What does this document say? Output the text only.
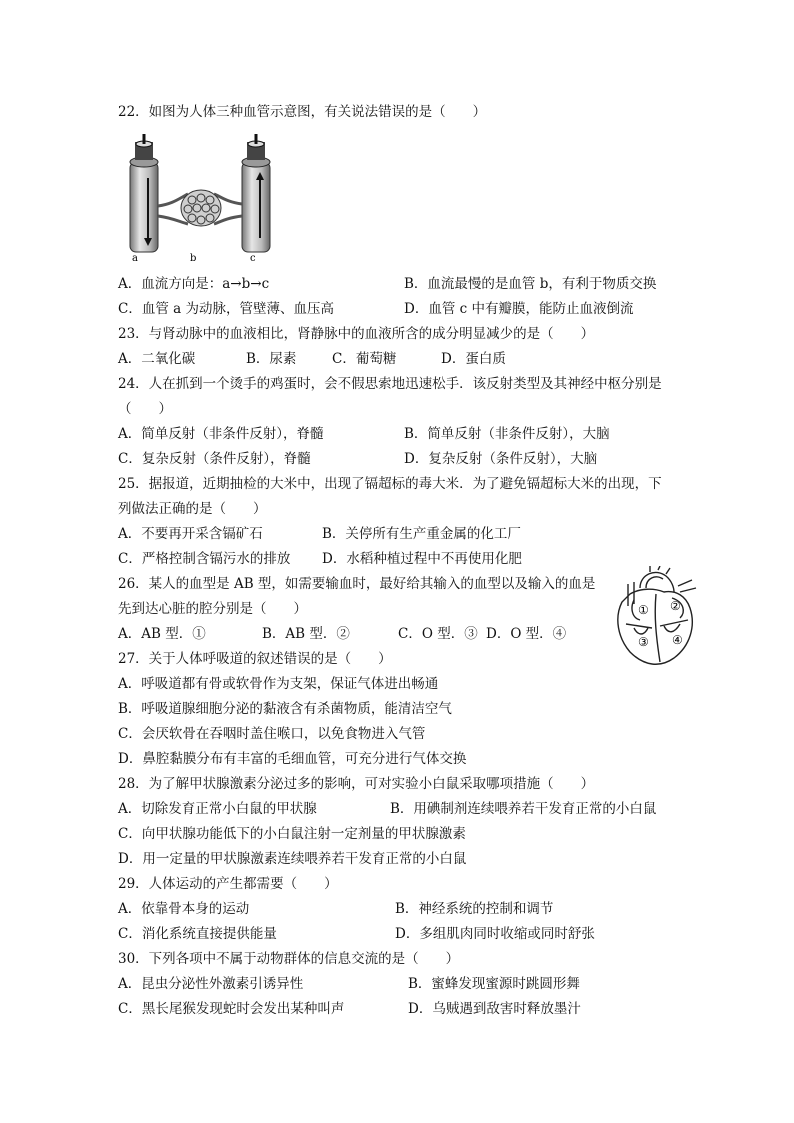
22．如图为人体三种血管示意图，有关说法错误的是（　　）
a	b	c
A．血流方向是：a→b→c	B．血流最慢的是血管 b，有利于物质交换
C．血管 a 为动脉，管壁薄、血压高	D．血管 c 中有瓣膜，能防止血液倒流
23．与肾动脉中的血液相比，肾静脉中的血液所含的成分明显减少的是（　　）
A．二氧化碳	B．尿素	C．葡萄糖	D．蛋白质
24．人在抓到一个烫手的鸡蛋时，会不假思索地迅速松手．该反射类型及其神经中枢分别是
（　　）
A．简单反射（非条件反射），脊髓	B．简单反射（非条件反射），大脑
C．复杂反射（条件反射），脊髓	D．复杂反射（条件反射），大脑
25．据报道，近期抽检的大米中，出现了镉超标的毒大米．为了避免镉超标大米的出现，下
列做法正确的是（　　）
A．不要再开采含镉矿石	B．关停所有生产重金属的化工厂
C．严格控制含镉污水的排放 D．水稻种植过程中不再使用化肥
26．某人的血型是 AB 型，如需要输血时，最好给其输入的血型以及输入的血是
先到达心脏的腔分别是（　　）
A．AB 型．①	B．AB 型．②	C．O 型．③ D．O 型．④
① ②
③ ④
27．关于人体呼吸道的叙述错误的是（　　）
A．呼吸道都有骨或软骨作为支架，保证气体进出畅通
B．呼吸道腺细胞分泌的黏液含有杀菌物质，能清洁空气
C．会厌软骨在吞咽时盖住喉口，以免食物进入气管
D．鼻腔黏膜分布有丰富的毛细血管，可充分进行气体交换
28．为了解甲状腺激素分泌过多的影响，可对实验小白鼠采取哪项措施（　　）
A．切除发育正常小白鼠的甲状腺	B．用碘制剂连续喂养若干发育正常的小白鼠
C．向甲状腺功能低下的小白鼠注射一定剂量的甲状腺激素
D．用一定量的甲状腺激素连续喂养若干发育正常的小白鼠
29．人体运动的产生都需要（　　）
A．依靠骨本身的运动	B．神经系统的控制和调节
C．消化系统直接提供能量	D．多组肌肉同时收缩或同时舒张
30．下列各项中不属于动物群体的信息交流的是（　　）
A．昆虫分泌性外激素引诱异性	B．蜜蜂发现蜜源时跳圆形舞
C．黑长尾猴发现蛇时会发出某种叫声	D．乌贼遇到敌害时释放墨汁
